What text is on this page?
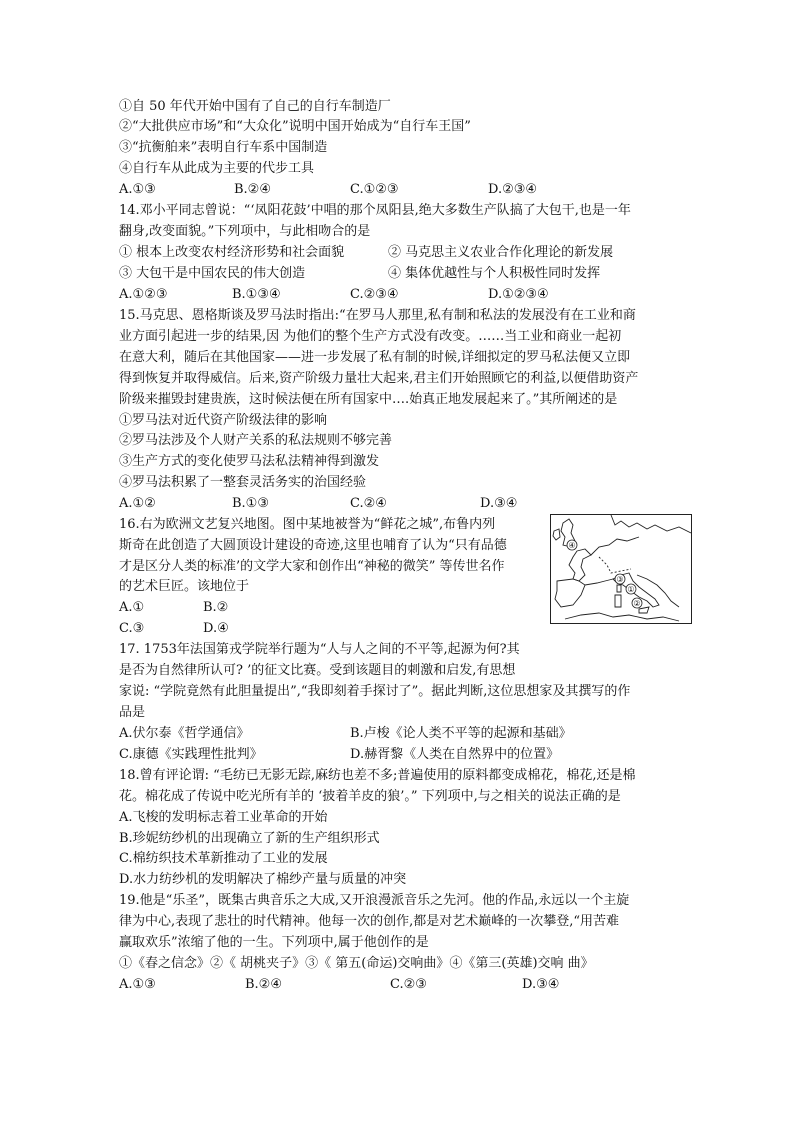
①自 50 年代开始中国有了自己的自行车制造厂
②“大批供应市场”和“大众化”说明中国开始成为“自行车王国”
③“抗衡舶来”表明自行车系中国制造
④自行车从此成为主要的代步工具
A.①③	B.②④	C.①②③	D.②③④
14.邓小平同志曾说：“‘凤阳花鼓’中唱的那个凤阳县,绝大多数生产队搞了大包干,也是一年
翻身,改变面貌。”下列项中，与此相吻合的是
① 根本上改变农村经济形势和社会面貌	② 马克思主义农业合作化理论的新发展
③ 大包干是中国农民的伟大创造	④ 集体优越性与个人积极性同时发挥
A.①②③	B.①③④	C.②③④	D.①②③④
15.马克思、恩格斯谈及罗马法时指出:“在罗马人那里,私有制和私法的发展没有在工业和商
业方面引起进一步的结果,因 为他们的整个生产方式没有改变。……当工业和商业一起初
在意大利，随后在其他国家——进一步发展了私有制的时候,详细拟定的罗马私法便又立即
得到恢复并取得威信。后来,资产阶级力量壮大起来,君主们开始照顾它的利益,以便借助资产
阶级来摧毁封建贵族，这时候法便在所有国家中….始真正地发展起来了。”其所阐述的是
①罗马法对近代资产阶级法律的影响
②罗马法涉及个人财产关系的私法规则不够完善
③生产方式的变化使罗马法私法精神得到激发
④罗马法积累了一整套灵活务实的治国经验
A.①②	B.①③	C.②④	D.③④
16.右为欧洲文艺复兴地图。图中某地被誉为“鲜花之城”,布鲁内列
斯奇在此创造了大圆顶设计建设的奇迹,这里也哺育了认为“只有品德
才是区分人类的标准’的文学大家和创作出“神秘的微笑” 等传世名作
的艺术巨匠。该地位于
A.①	B.②
C.③	D.④
④
③
①
②
17. 1753年法国第戎学院举行题为“人与人之间的不平等,起源为何?其
是否为自然律所认可? ’的征文比赛。受到该题目的刺激和启发,有思想
家说: “学院竟然有此胆量提出”,“我即刻着手探讨了”。据此判断,这位思想家及其撰写的作
品是
A.伏尔泰《哲学通信》	B.卢梭《论人类不平等的起源和基础》
C.康德《实践理性批判》	D.赫胥黎《人类在自然界中的位置》
18.曾有评论谓: “毛纺已无影无踪,麻纺也差不多;普遍使用的原料都变成棉花，棉花,还是棉
花。棉花成了传说中吃光所有羊的 ‘披着羊皮的狼’。” 下列项中,与之相关的说法正确的是
A.飞梭的发明标志着工业革命的开始
B.珍妮纺纱机的出现确立了新的生产组织形式
C.棉纺织技术革新推动了工业的发展
D.水力纺纱机的发明解决了棉纱产量与质量的冲突
19.他是“乐圣”，既集古典音乐之大成,又开浪漫派音乐之先河。他的作品,永远以一个主旋
律为中心,表现了悲壮的时代精神。他每一次的创作,都是对艺术巅峰的一次攀登,“用苦难
赢取欢乐”浓缩了他的一生。下列项中,属于他创作的是
①《春之信念》②《 胡桃夹子》③《 第五(命运)交响曲》④《第三(英雄)交响 曲》
A.①③	B.②④	C.②③	D.③④
